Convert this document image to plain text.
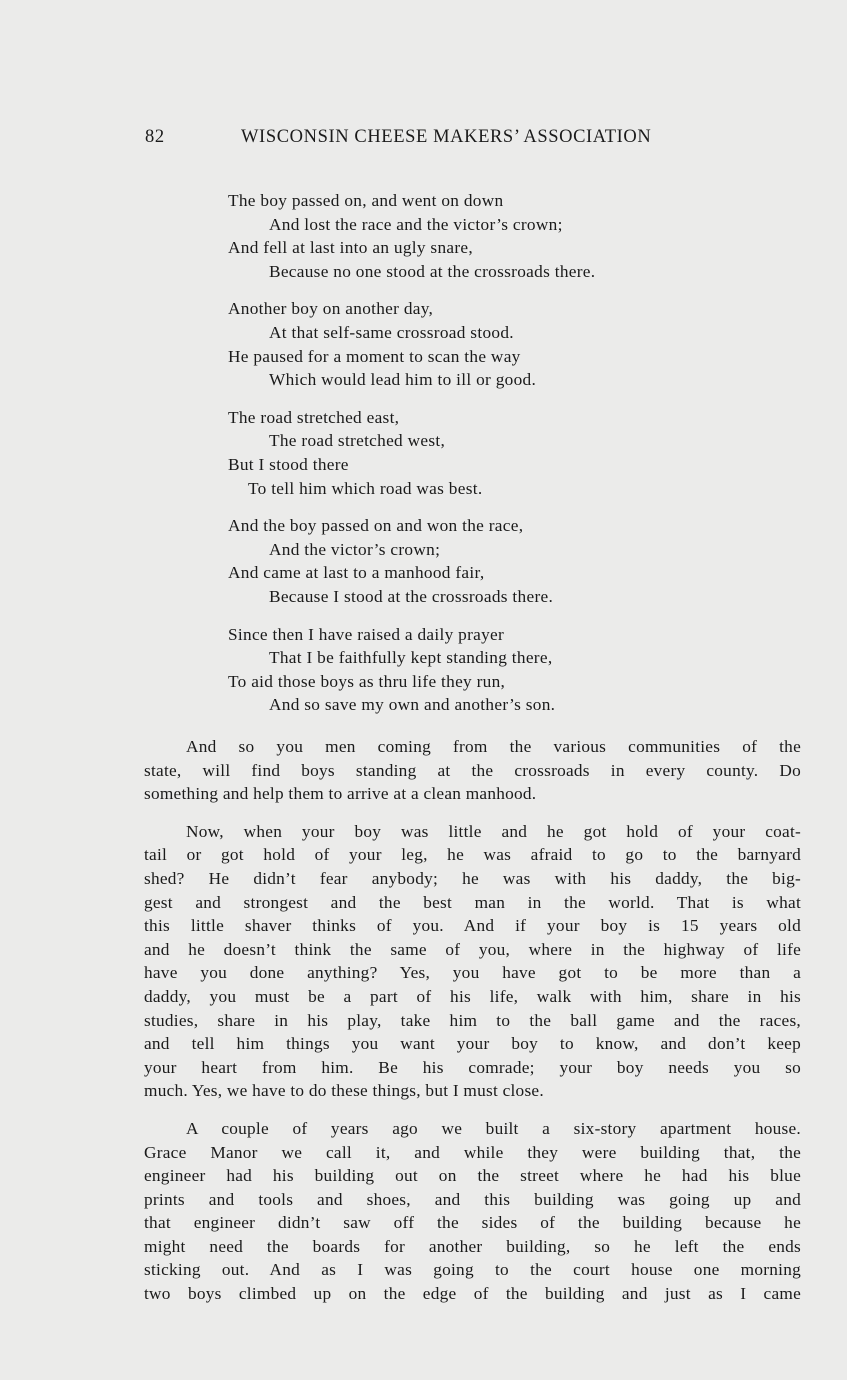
82	WISCONSIN CHEESE MAKERS’ ASSOCIATION
The boy passed on, and went on down
And lost the race and the victor’s crown;
And fell at last into an ugly snare,
Because no one stood at the crossroads there.
Another boy on another day,
At that self-same crossroad stood.
He paused for a moment to scan the way
Which would lead him to ill or good.
The road stretched east,
The road stretched west,
But I stood there
To tell him which road was best.
And the boy passed on and won the race,
And the victor’s crown;
And came at last to a manhood fair,
Because I stood at the crossroads there.
Since then I have raised a daily prayer
That I be faithfully kept standing there,
To aid those boys as thru life they run,
And so save my own and another’s son.
And so you men coming from the various communities of the
state, will find boys standing at the crossroads in every county. Do
something and help them to arrive at a clean manhood.
Now, when your boy was little and he got hold of your coat-
tail or got hold of your leg, he was afraid to go to the barnyard
shed? He didn’t fear anybody; he was with his daddy, the big-
gest and strongest and the best man in the world. That is what
this little shaver thinks of you. And if your boy is 15 years old
and he doesn’t think the same of you, where in the highway of life
have you done anything? Yes, you have got to be more than a
daddy, you must be a part of his life, walk with him, share in his
studies, share in his play, take him to the ball game and the races,
and tell him things you want your boy to know, and don’t keep
your heart from him. Be his comrade; your boy needs you so
much. Yes, we have to do these things, but I must close.
A couple of years ago we built a six-story apartment house.
Grace Manor we call it, and while they were building that, the
engineer had his building out on the street where he had his blue
prints and tools and shoes, and this building was going up and
that engineer didn’t saw off the sides of the building because he
might need the boards for another building, so he left the ends
sticking out. And as I was going to the court house one morning
two boys climbed up on the edge of the building and just as I came
